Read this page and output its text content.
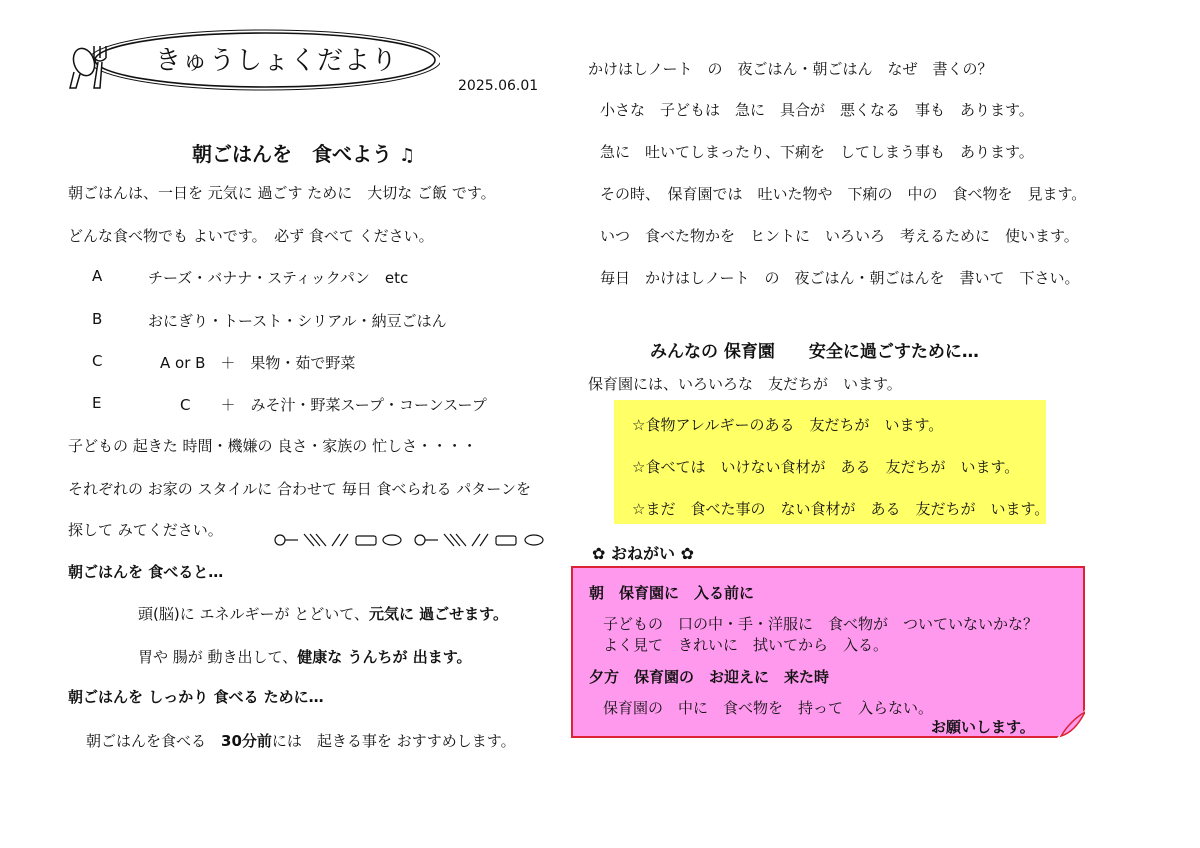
きゅうしょくだより
2025.06.01
朝ごはんを　食べよう ♫
朝ごはんは、一日を 元気に 過ごす ために　大切な ご飯 です。
どんな食べ物でも よいです。　必ず 食べて ください。
A	チーズ・バナナ・スティックパン　etc
B	おにぎり・トースト・シリアル・納豆ごはん
C	A or B　＋　果物・茹で野菜
E	C　　＋　みそ汁・野菜スープ・コーンスープ
子どもの 起きた 時間・機嫌の 良さ・家族の 忙しさ・・・・
それぞれの お家の スタイルに 合わせて 毎日 食べられる パターンを
探して みてください。
朝ごはんを 食べると…
頭(脳)に エネルギーが とどいて、元気に 過ごせます。
胃や 腸が 動き出して、健康な うんちが 出ます。
朝ごはんを しっかり 食べる ために…
朝ごはんを食べる　30分前には　起きる事を おすすめします。
かけはしノート　の　夜ごはん・朝ごはん　なぜ　書くの？
小さな　子どもは　急に　具合が　悪くなる　事も　あります。
急に　吐いてしまったり、下痢を　してしまう事も　あります。
その時、　保育園では　吐いた物や　下痢の　中の　食べ物を　見ます。
いつ　食べた物かを　ヒントに　いろいろ　考えるために　使います。
毎日　かけはしノート　の　夜ごはん・朝ごはんを　書いて　下さい。
みんなの 保育園　　安全に過ごすために…
保育園には、いろいろな　友だちが　います。
☆食物アレルギーのある　友だちが　います。
☆食べては　いけない食材が　ある　友だちが　います。
☆まだ　食べた事の　ない食材が　ある　友だちが　います。
✿ おねがい ✿
朝　保育園に　入る前に
子どもの　口の中・手・洋服に　食べ物が　ついていないかな？
よく見て　きれいに　拭いてから　入る。
夕方　保育園の　お迎えに　来た時
保育園の　中に　食べ物を　持って　入らない。
お願いします。
